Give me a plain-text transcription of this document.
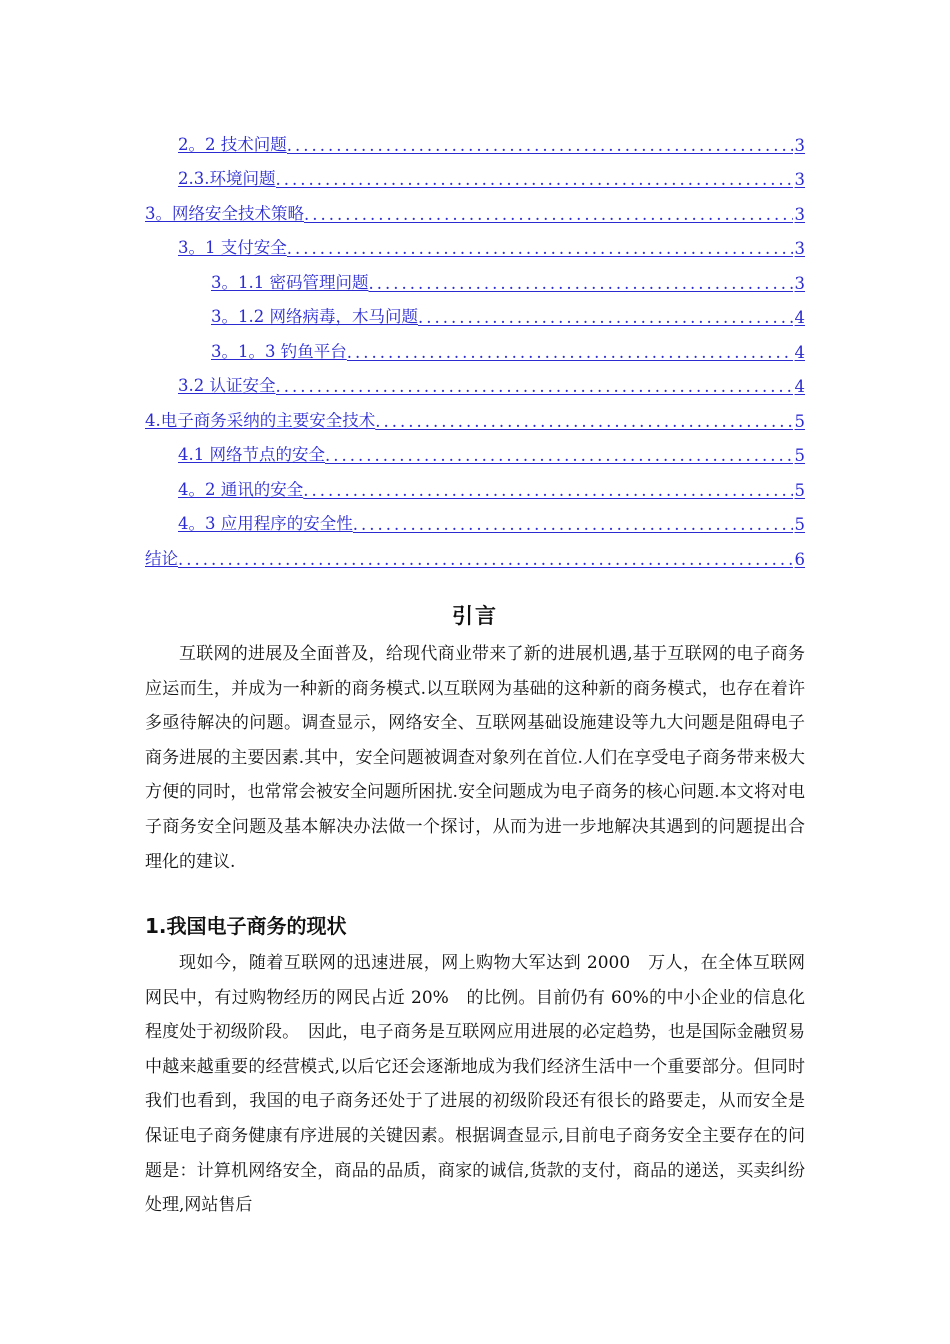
2。2 技术问题 .....	3
2.3.环境问题 .....	3
3。网络安全技术策略 .....	3
3。1 支付安全 .....	3
3。1.1 密码管理问题 .....	3
3。1.2 网络病毒，木马问题 .....	4
3。1。3 钓鱼平台 .....	4
3.2 认证安全 .....	4
4.电子商务采纳的主要安全技术 .....	5
4.1 网络节点的安全 .....	5
4。2 通讯的安全 .....	5
4。3 应用程序的安全性 .....	5
结论 .....	6
引言

互联网的进展及全面普及，给现代商业带来了新的进展机遇,基于互联网的电子商务应运而生，并成为一种新的商务模式.以互联网为基础的这种新的商务模式，也存在着许多亟待解决的问题。调查显示，网络安全、互联网基础设施建设等九大问题是阻碍电子商务进展的主要因素.其中，安全问题被调查对象列在首位.人们在享受电子商务带来极大方便的同时，也常常会被安全问题所困扰.安全问题成为电子商务的核心问题.本文将对电子商务安全问题及基本解决办法做一个探讨，从而为进一步地解决其遇到的问题提出合理化的建议.

1.我国电子商务的现状

现如今，随着互联网的迅速进展，网上购物大军达到 2000　万人，在全体互联网网民中，有过购物经历的网民占近 20%　的比例。目前仍有 60%的中小企业的信息化程度处于初级阶段。　因此，电子商务是互联网应用进展的必定趋势，也是国际金融贸易中越来越重要的经营模式,以后它还会逐渐地成为我们经济生活中一个重要部分。但同时我们也看到，我国的电子商务还处于了进展的初级阶段还有很长的路要走，从而安全是保证电子商务健康有序进展的关键因素。根据调查显示,目前电子商务安全主要存在的问题是：计算机网络安全，商品的品质，商家的诚信,货款的支付，商品的递送，买卖纠纷处理,网站售后
